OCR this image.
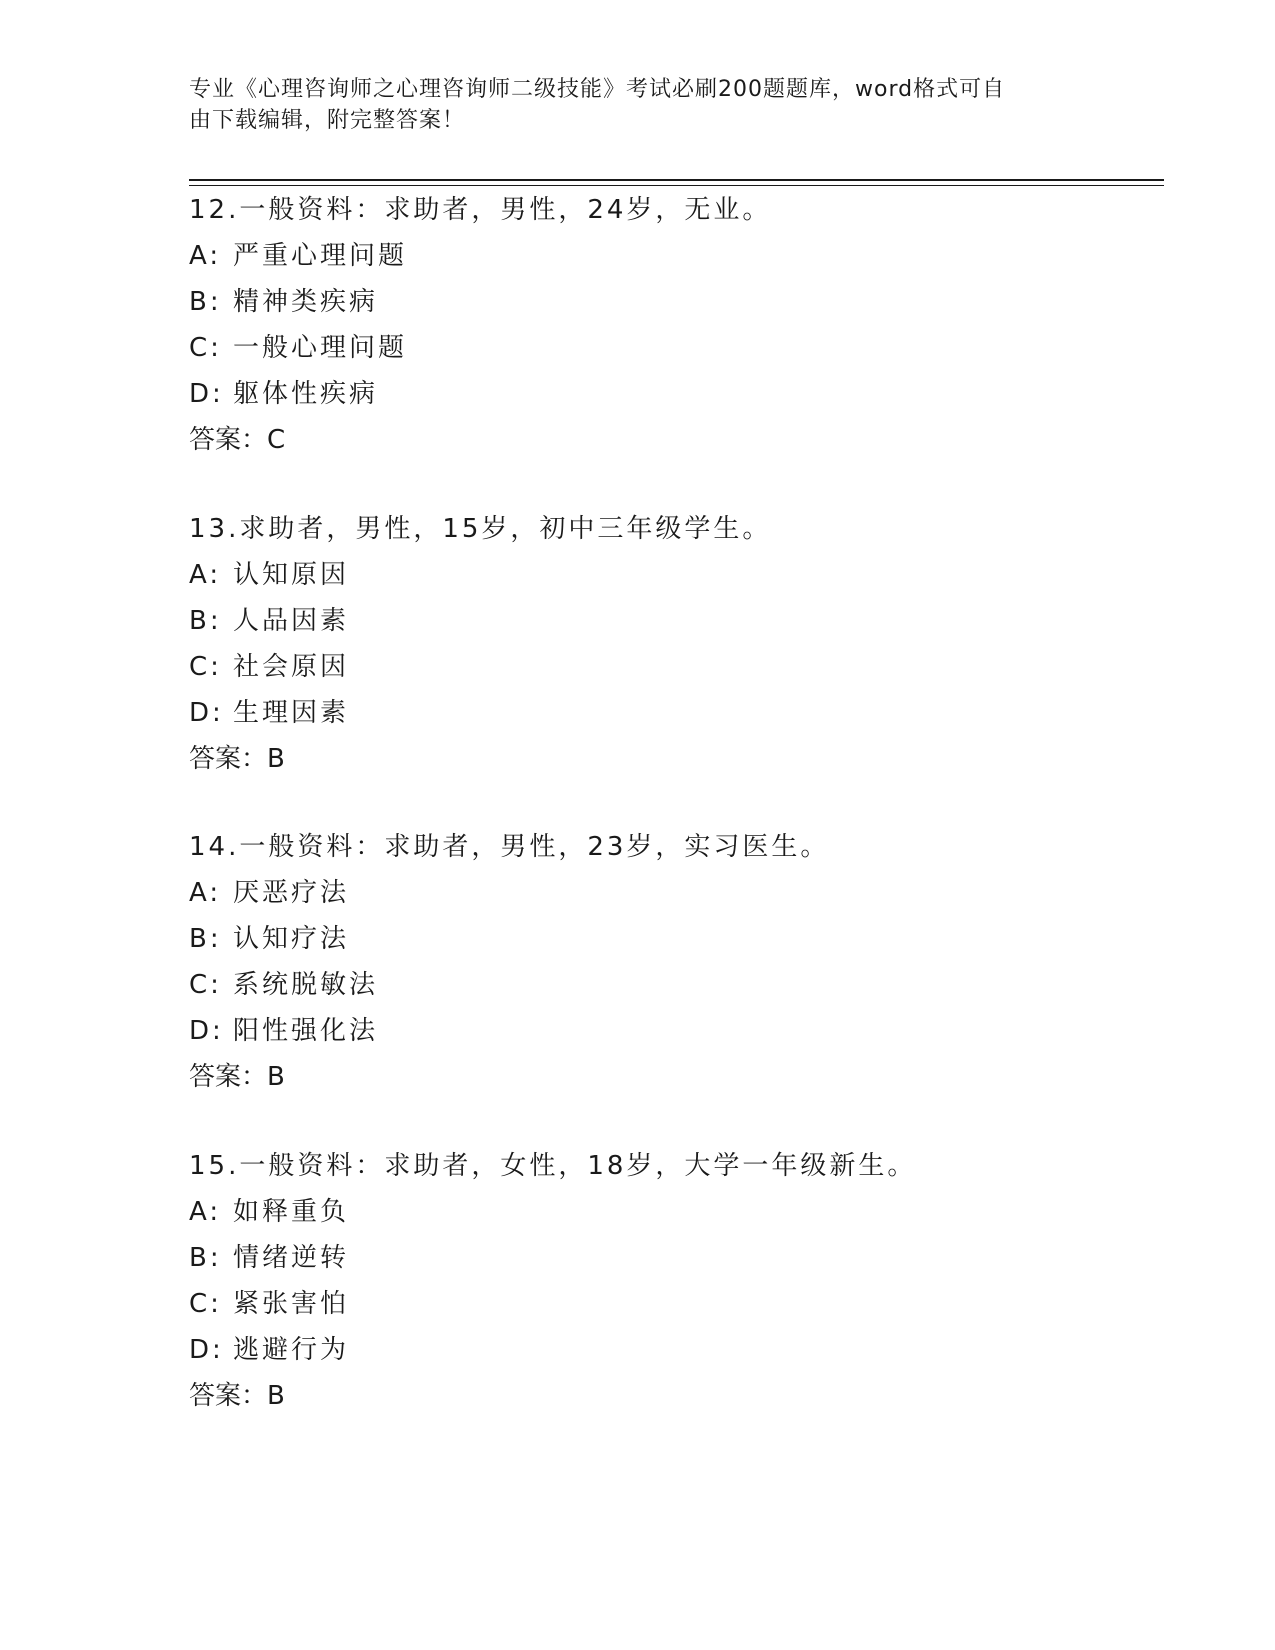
专业《心理咨询师之心理咨询师二级技能》考试必刷200题题库，word格式可自
由下载编辑，附完整答案！
12.一般资料：求助者，男性，24岁，无业。
A: 严重心理问题
B: 精神类疾病
C: 一般心理问题
D: 躯体性疾病
答案：C
13.求助者，男性，15岁，初中三年级学生。
A: 认知原因
B: 人品因素
C: 社会原因
D: 生理因素
答案：B
14.一般资料：求助者，男性，23岁，实习医生。
A: 厌恶疗法
B: 认知疗法
C: 系统脱敏法
D: 阳性强化法
答案：B
15.一般资料：求助者，女性，18岁，大学一年级新生。
A: 如释重负
B: 情绪逆转
C: 紧张害怕
D: 逃避行为
答案：B
